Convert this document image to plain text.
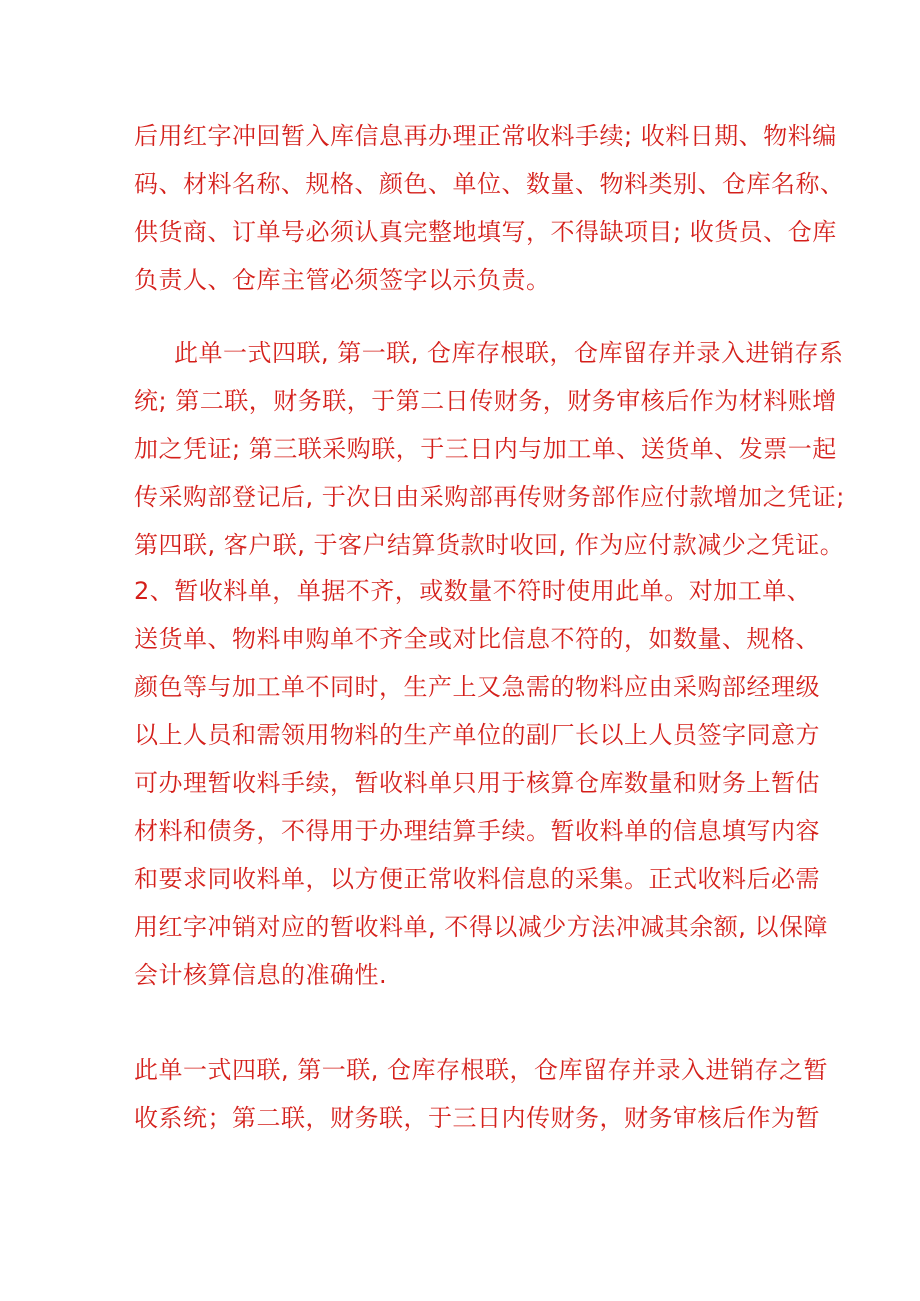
后用红字冲回暂入库信息再办理正常收料手续; 收料日期、物料编
码、材料名称、规格、颜色、单位、数量、物料类别、仓库名称、
供货商、订单号必须认真完整地填写，不得缺项目; 收货员、仓库
负责人、仓库主管必须签字以示负责。
此单一式四联, 第一联, 仓库存根联，仓库留存并录入进销存系
统; 第二联，财务联，于第二日传财务，财务审核后作为材料账增
加之凭证; 第三联采购联，于三日内与加工单、送货单、发票一起
传采购部登记后, 于次日由采购部再传财务部作应付款增加之凭证;
第四联, 客户联, 于客户结算货款时收回, 作为应付款减少之凭证。
2、暂收料单，单据不齐，或数量不符时使用此单。对加工单、
送货单、物料申购单不齐全或对比信息不符的，如数量、规格、
颜色等与加工单不同时，生产上又急需的物料应由采购部经理级
以上人员和需领用物料的生产单位的副厂长以上人员签字同意方
可办理暂收料手续，暂收料单只用于核算仓库数量和财务上暂估
材料和债务，不得用于办理结算手续。暂收料单的信息填写内容
和要求同收料单，以方便正常收料信息的采集。正式收料后必需
用红字冲销对应的暂收料单, 不得以减少方法冲减其余额, 以保障
会计核算信息的准确性.
此单一式四联, 第一联, 仓库存根联，仓库留存并录入进销存之暂
收系统；第二联，财务联，于三日内传财务，财务审核后作为暂
